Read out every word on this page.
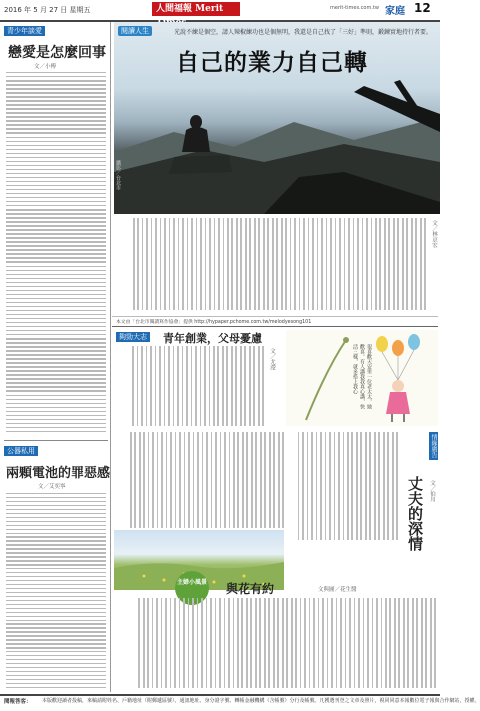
2016 年 5 月 27 日 星期五	人間福報 Merit	merit-times.com.tw 家庭 12
青少年談愛
戀愛是怎麼回事
文／小傅
公器私用
兩顆電池的罪惡感
文／艾奕寧
閱讀人生	光說不練是個空，請人辣椒練功也是個無明，我還是自己找了「三好」準則，鍛鍊實地持行者要。
自己的業力自己轉
攝影／台北市
文／林京宏
本文由「台北市閱讀寫作協會」提供 http://hypaper.pchome.com.tw/melodyesong101
夠勁大志 青年創業，父母憂慮
文／尤瀅	很喜歡天安里一位老太太，她歡喜。有人講我我真心講，快活三樣，就多搭上我心
情緣廣告
丈夫的深情 文／伯川
主婦小風景 與花有約	文與圖／花生醬
閱報答客： 本版歡迎讀者投稿，來稿請附姓名、戶籍地址（附郵遞區號）、通訊地址、身分證字號、轉帳金融機構（含帳號）分行及帳號。凡獲選刊登之文章及照片，視同同意本報數位電子報與合作網站，授權。
